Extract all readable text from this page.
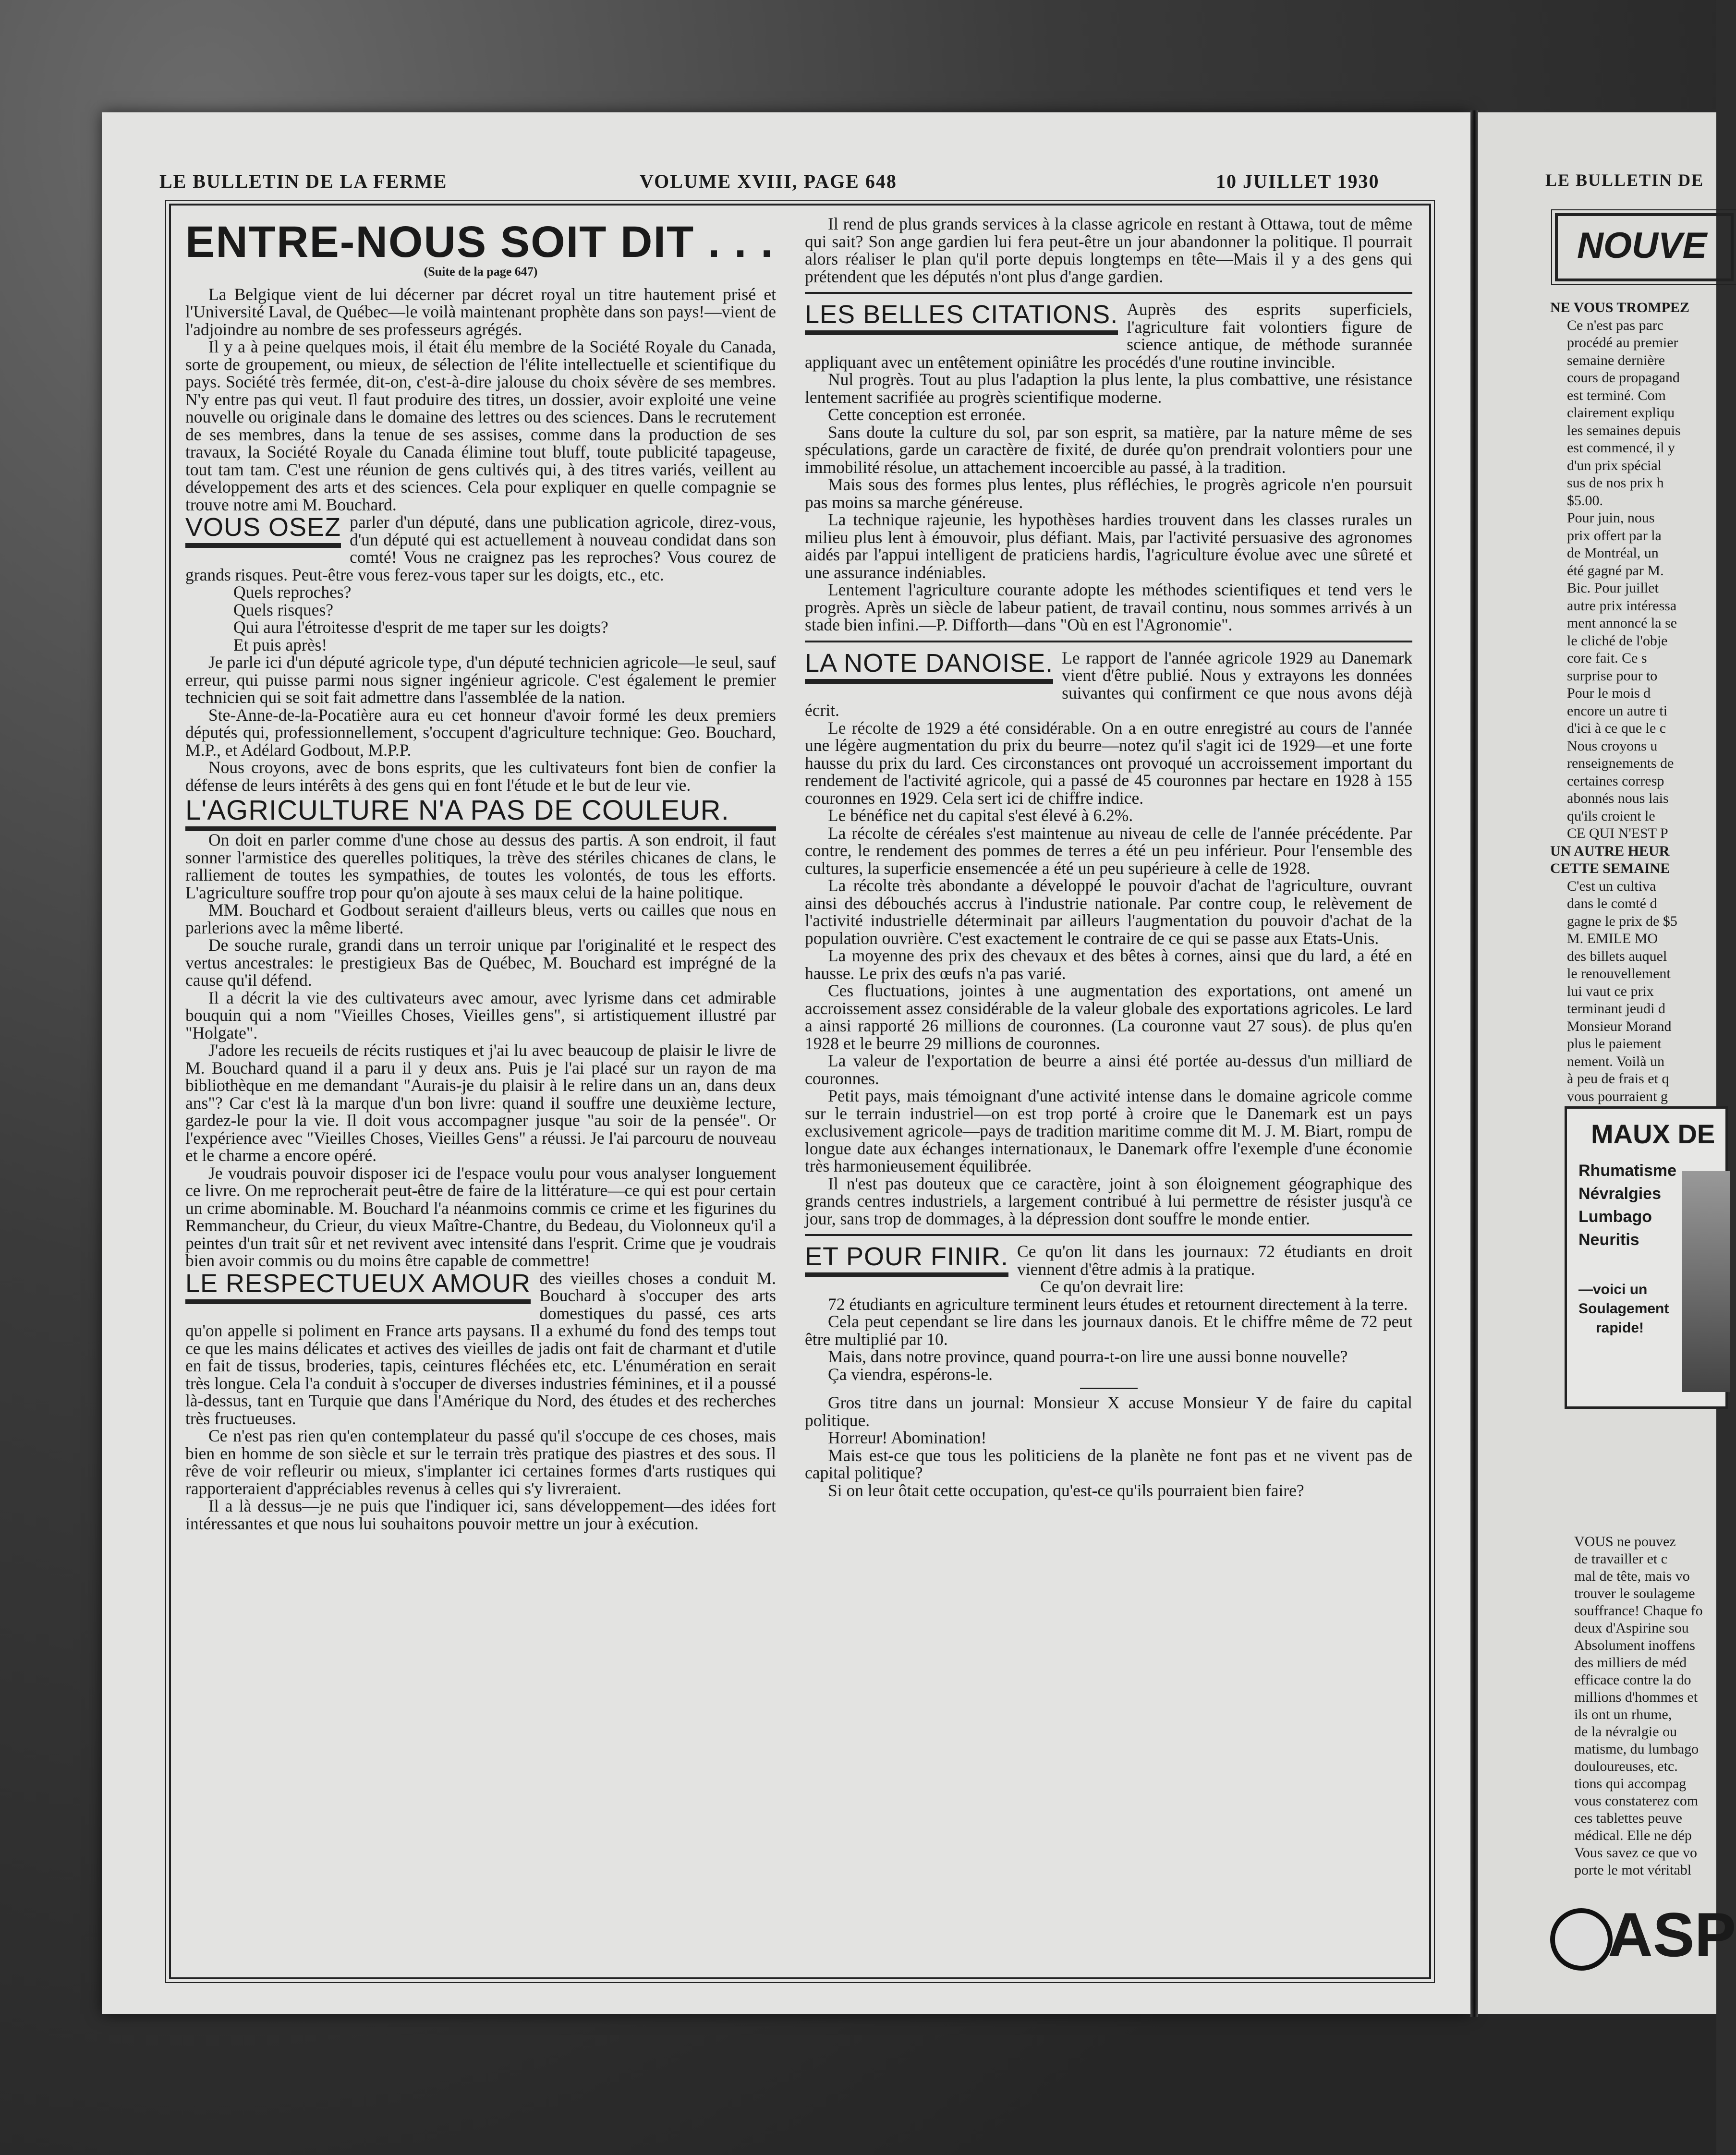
LE BULLETIN DE LA FERME	VOLUME XVIII, PAGE 648	10 JUILLET 1930
ENTRE-NOUS SOIT DIT . . .
(Suite de la page 647)

La Belgique vient de lui décerner par décret royal un titre hautement prisé et l'Université Laval, de Québec—le voilà maintenant prophète dans son pays!—vient de l'adjoindre au nombre de ses professeurs agrégés.

Il y a à peine quelques mois, il était élu membre de la Société Royale du Canada, sorte de groupement, ou mieux, de sélection de l'élite intellectuelle et scientifique du pays. Société très fermée, dit-on, c'est-à-dire jalouse du choix sévère de ses membres. N'y entre pas qui veut. Il faut produire des titres, un dossier, avoir exploité une veine nouvelle ou originale dans le domaine des lettres ou des sciences. Dans le recrutement de ses membres, dans la tenue de ses assises, comme dans la production de ses travaux, la Société Royale du Canada élimine tout bluff, toute publicité tapageuse, tout tam tam. C'est une réunion de gens cultivés qui, à des titres variés, veillent au développement des arts et des sciences. Cela pour expliquer en quelle compagnie se trouve notre ami M. Bouchard.

VOUS OSEZ parler d'un député, dans une publication agricole, direz-vous, d'un député qui est actuellement à nouveau condidat dans son comté! Vous ne craignez pas les reproches? Vous courez de grands risques. Peut-être vous ferez-vous taper sur les doigts, etc., etc.

Quels reproches?

Quels risques?

Qui aura l'étroitesse d'esprit de me taper sur les doigts?

Et puis après!

Je parle ici d'un député agricole type, d'un député technicien agricole—le seul, sauf erreur, qui puisse parmi nous signer ingénieur agricole. C'est également le premier technicien qui se soit fait admettre dans l'assemblée de la nation.

Ste-Anne-de-la-Pocatière aura eu cet honneur d'avoir formé les deux premiers députés qui, professionnellement, s'occupent d'agriculture technique: Geo. Bouchard, M.P., et Adélard Godbout, M.P.P.

Nous croyons, avec de bons esprits, que les cultivateurs font bien de confier la défense de leurs intérêts à des gens qui en font l'étude et le but de leur vie.

L'AGRICULTURE N'A PAS DE COULEUR.

On doit en parler comme d'une chose au dessus des partis. A son endroit, il faut sonner l'armistice des querelles politiques, la trève des stériles chicanes de clans, le ralliement de toutes les sympathies, de toutes les volontés, de tous les efforts. L'agriculture souffre trop pour qu'on ajoute à ses maux celui de la haine politique.

MM. Bouchard et Godbout seraient d'ailleurs bleus, verts ou cailles que nous en parlerions avec la même liberté.

De souche rurale, grandi dans un terroir unique par l'originalité et le respect des vertus ancestrales: le prestigieux Bas de Québec, M. Bouchard est imprégné de la cause qu'il défend.

Il a décrit la vie des cultivateurs avec amour, avec lyrisme dans cet admirable bouquin qui a nom "Vieilles Choses, Vieilles gens", si artistiquement illustré par "Holgate".

J'adore les recueils de récits rustiques et j'ai lu avec beaucoup de plaisir le livre de M. Bouchard quand il a paru il y deux ans. Puis je l'ai placé sur un rayon de ma bibliothèque en me demandant "Aurais-je du plaisir à le relire dans un an, dans deux ans"? Car c'est là la marque d'un bon livre: quand il souffre une deuxième lecture, gardez-le pour la vie. Il doit vous accompagner jusque "au soir de la pensée". Or l'expérience avec "Vieilles Choses, Vieilles Gens" a réussi. Je l'ai parcouru de nouveau et le charme a encore opéré.

Je voudrais pouvoir disposer ici de l'espace voulu pour vous analyser longuement ce livre. On me reprocherait peut-être de faire de la littérature—ce qui est pour certain un crime abominable. M. Bouchard l'a néanmoins commis ce crime et les figurines du Remmancheur, du Crieur, du vieux Maître-Chantre, du Bedeau, du Violonneux qu'il a peintes d'un trait sûr et net revivent avec intensité dans l'esprit. Crime que je voudrais bien avoir commis ou du moins être capable de commettre!

LE RESPECTUEUX AMOUR des vieilles choses a conduit M. Bouchard à s'occuper des arts domestiques du passé, ces arts qu'on appelle si poliment en France arts paysans. Il a exhumé du fond des temps tout ce que les mains délicates et actives des vieilles de jadis ont fait de charmant et d'utile en fait de tissus, broderies, tapis, ceintures fléchées etc, etc. L'énumération en serait très longue. Cela l'a conduit à s'occuper de diverses industries féminines, et il a poussé là-dessus, tant en Turquie que dans l'Amérique du Nord, des études et des recherches très fructueuses.

Ce n'est pas rien qu'en contemplateur du passé qu'il s'occupe de ces choses, mais bien en homme de son siècle et sur le terrain très pratique des piastres et des sous. Il rêve de voir refleurir ou mieux, s'implanter ici certaines formes d'arts rustiques qui rapporteraient d'appréciables revenus à celles qui s'y livreraient.

Il a là dessus—je ne puis que l'indiquer ici, sans développement—des idées fort intéressantes et que nous lui souhaitons pouvoir mettre un jour à exécution.

Il rend de plus grands services à la classe agricole en restant à Ottawa, tout de même qui sait? Son ange gardien lui fera peut-être un jour abandonner la politique. Il pourrait alors réaliser le plan qu'il porte depuis longtemps en tête—Mais il y a des gens qui prétendent que les députés n'ont plus d'ange gardien.

LES BELLES CITATIONS. Auprès des esprits superficiels, l'agriculture fait volontiers figure de science antique, de méthode surannée appliquant avec un entêtement opiniâtre les procédés d'une routine invincible.

Nul progrès. Tout au plus l'adaption la plus lente, la plus combattive, une résistance lentement sacrifiée au progrès scientifique moderne.

Cette conception est erronée.

Sans doute la culture du sol, par son esprit, sa matière, par la nature même de ses spéculations, garde un caractère de fixité, de durée qu'on prendrait volontiers pour une immobilité résolue, un attachement incoercible au passé, à la tradition.

Mais sous des formes plus lentes, plus réfléchies, le progrès agricole n'en poursuit pas moins sa marche généreuse.

La technique rajeunie, les hypothèses hardies trouvent dans les classes rurales un milieu plus lent à émouvoir, plus défiant. Mais, par l'activité persuasive des agronomes aidés par l'appui intelligent de praticiens hardis, l'agriculture évolue avec une sûreté et une assurance indéniables.

Lentement l'agriculture courante adopte les méthodes scientifiques et tend vers le progrès. Après un siècle de labeur patient, de travail continu, nous sommes arrivés à un stade bien infini.—P. Difforth—dans "Où en est l'Agronomie".

LA NOTE DANOISE. Le rapport de l'année agricole 1929 au Danemark vient d'être publié. Nous y extrayons les données suivantes qui confirment ce que nous avons déjà écrit.

Le récolte de 1929 a été considérable. On a en outre enregistré au cours de l'année une légère augmentation du prix du beurre—notez qu'il s'agit ici de 1929—et une forte hausse du prix du lard. Ces circonstances ont provoqué un accroissement important du rendement de l'activité agricole, qui a passé de 45 couronnes par hectare en 1928 à 155 couronnes en 1929. Cela sert ici de chiffre indice.

Le bénéfice net du capital s'est élevé à 6.2%.

La récolte de céréales s'est maintenue au niveau de celle de l'année précédente. Par contre, le rendement des pommes de terres a été un peu inférieur. Pour l'ensemble des cultures, la superficie ensemencée a été un peu supérieure à celle de 1928.

La récolte très abondante a développé le pouvoir d'achat de l'agriculture, ouvrant ainsi des débouchés accrus à l'industrie nationale. Par contre coup, le relèvement de l'activité industrielle déterminait par ailleurs l'augmentation du pouvoir d'achat de la population ouvrière. C'est exactement le contraire de ce qui se passe aux Etats-Unis.

La moyenne des prix des chevaux et des bêtes à cornes, ainsi que du lard, a été en hausse. Le prix des œufs n'a pas varié.

Ces fluctuations, jointes à une augmentation des exportations, ont amené un accroissement assez considérable de la valeur globale des exportations agricoles. Le lard a ainsi rapporté 26 millions de couronnes. (La couronne vaut 27 sous). de plus qu'en 1928 et le beurre 29 millions de couronnes.

La valeur de l'exportation de beurre a ainsi été portée au-dessus d'un milliard de couronnes.

Petit pays, mais témoignant d'une activité intense dans le domaine agricole comme sur le terrain industriel—on est trop porté à croire que le Danemark est un pays exclusivement agricole—pays de tradition maritime comme dit M. J. M. Biart, rompu de longue date aux échanges internationaux, le Danemark offre l'exemple d'une économie très harmonieusement équilibrée.

Il n'est pas douteux que ce caractère, joint à son éloignement géographique des grands centres industriels, a largement contribué à lui permettre de résister jusqu'à ce jour, sans trop de dommages, à la dépression dont souffre le monde entier.

ET POUR FINIR. Ce qu'on lit dans les journaux: 72 étudiants en droit viennent d'être admis à la pratique.

Ce qu'on devrait lire:

72 étudiants en agriculture terminent leurs études et retournent directement à la terre.

Cela peut cependant se lire dans les journaux danois. Et le chiffre même de 72 peut être multiplié par 10.

Mais, dans notre province, quand pourra-t-on lire une aussi bonne nouvelle?

Ça viendra, espérons-le.

Gros titre dans un journal: Monsieur X accuse Monsieur Y de faire du capital politique.

Horreur! Abomination!

Mais est-ce que tous les politiciens de la planète ne font pas et ne vivent pas de capital politique?

Si on leur ôtait cette occupation, qu'est-ce qu'ils pourraient bien faire?

LE BULLETIN DE
NOUVE
NE VOUS TROMPEZ
Ce n'est pas parc
procédé au premier
semaine dernière
cours de propagand
est terminé. Com
clairement expliqu
les semaines depuis
est commencé, il y
d'un prix spécial
sus de nos prix h
$5.00.
Pour juin, nous
prix offert par la
de Montréal, un
été gagné par M.
Bic. Pour juillet
autre prix intéressa
ment annoncé la se
le cliché de l'obje
core fait. Ce s
surprise pour to
Pour le mois d
encore un autre ti
d'ici à ce que le c
Nous croyons u
renseignements de
certaines corresp
abonnés nous lais
qu'ils croient le
CE QUI N'EST P
UN AUTRE HEUR
CETTE SEMAINE
C'est un cultiva
dans le comté d
gagne le prix de $5
M. EMILE MO
des billets auquel
le renouvellement
lui vaut ce prix
terminant jeudi d
Monsieur Morand
plus le paiement
nement. Voilà un
à peu de frais et q
vous pourraient g
MAUX DE
Rhumatisme
Névralgies
Lumbago
Neuritis
—voici un
Soulagement
rapide!
VOUS ne pouvez
de travailler et c
mal de tête, mais vo
trouver le soulageme
souffrance! Chaque fo
deux d'Aspirine sou
Absolument inoffens
des milliers de méd
efficace contre la do
millions d'hommes et
ils ont un rhume,
de la névralgie ou
matisme, du lumbago
douloureuses, etc.
tions qui accompag
vous constaterez com
ces tablettes peuve
médical. Elle ne dép
Vous savez ce que vo
porte le mot véritabl
ASP
